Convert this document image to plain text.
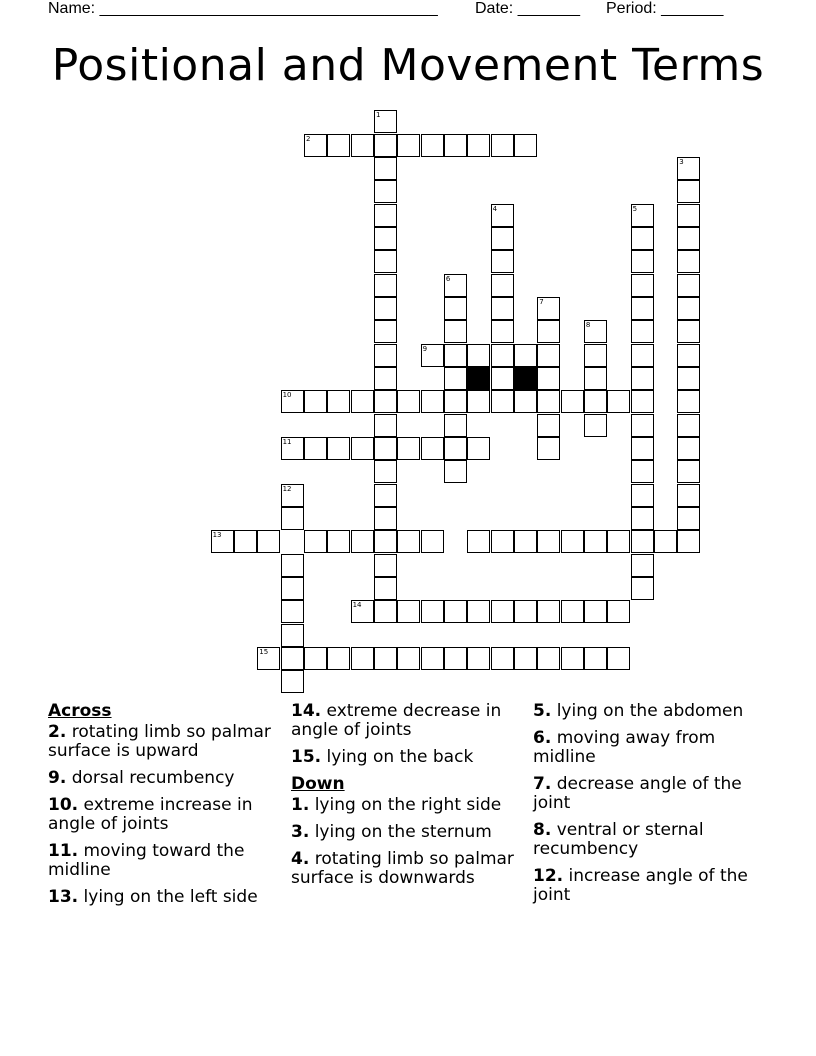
Name: ______________________________________

Date: _______

Period: _______

Positional and Movement Terms
1
2
3
4	5
6
7
8
9
10
11
12
13
14
15
Across
2. rotating limb so palmar surface is upward
9. dorsal recumbency
10. extreme increase in angle of joints
11. moving toward the midline
13. lying on the left side
14. extreme decrease in angle of joints
15. lying on the back
Down
1. lying on the right side
3. lying on the sternum
4. rotating limb so palmar surface is downwards
5. lying on the abdomen
6. moving away from midline
7. decrease angle of the joint
8. ventral or sternal recumbency
12. increase angle of the joint
